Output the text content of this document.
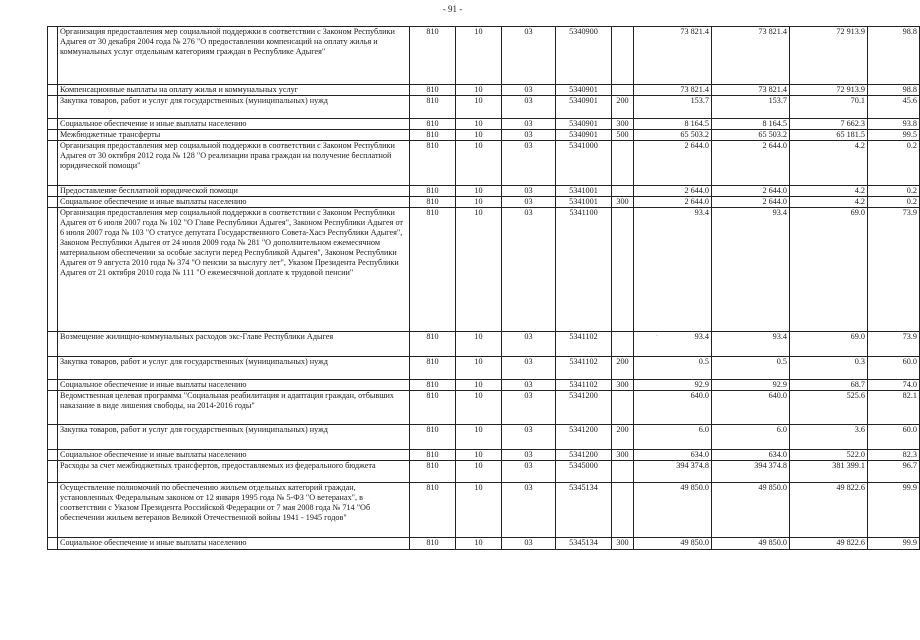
- 91 -
	Организация предоставления мер социальной поддержки в соответствии с Законом Республики Адыгея от 30 декабря 2004 года № 276 "О предоставлении компенсаций на оплату жилья и коммунальных услуг отдельным категориям граждан в Республике Адыгея"	810	10	03	5340900		73 821.4	73 821.4	72 913.9	98.8
	Компенсационные выплаты на оплату жилья и коммунальных услуг	810	10	03	5340901		73 821.4	73 821.4	72 913.9	98.8
	Закупка товаров, работ и услуг для государственных (муниципальных) нужд	810	10	03	5340901	200	153.7	153.7	70.1	45.6
	Социальное обеспечение и иные выплаты населению	810	10	03	5340901	300	8 164.5	8 164.5	7 662.3	93.8
	Межбюджетные трансферты	810	10	03	5340901	500	65 503.2	65 503.2	65 181.5	99.5
	Организация предоставления мер социальной поддержки в соответствии с Законом Республики Адыгея от 30 октября 2012 года № 128 "О реализации права граждан на получение бесплатной юридической помощи"	810	10	03	5341000		2 644.0	2 644.0	4.2	0.2
	Предоставление бесплатной юридической помощи	810	10	03	5341001		2 644.0	2 644.0	4.2	0.2
	Социальное обеспечение и иные выплаты населению	810	10	03	5341001	300	2 644.0	2 644.0	4.2	0.2
	Организация предоставления мер социальной поддержки в соответствии с Законом Республики Адыгея от 6 июля 2007 года № 102 "О Главе Республики Адыгея", Законом Республики Адыгея от 6 июля 2007 года № 103 "О статусе депутата Государственного Совета-Хасэ Республики Адыгея", Законом Республики Адыгея от 24 июля 2009 года № 281 "О дополнительном ежемесячном материальном обеспечении за особые заслуги перед Республикой Адыгея", Законом Республики Адыгея от 9 августа 2010 года № 374 "О пенсии за выслугу лет", Указом Президента Республики Адыгея от 21 октября 2010 года № 111 "О ежемесячной доплате к трудовой пенсии"	810	10	03	5341100		93.4	93.4	69.0	73.9
	Возмещение жилищно-коммунальных расходов экс-Главе Республики Адыгея	810	10	03	5341102		93.4	93.4	69.0	73.9
	Закупка товаров, работ и услуг для государственных (муниципальных) нужд	810	10	03	5341102	200	0.5	0.5	0.3	60.0
	Социальное обеспечение и иные выплаты населению	810	10	03	5341102	300	92.9	92.9	68.7	74.0
	Ведомственная целевая программа "Социальная реабилитация и адаптация граждан, отбывших наказание в виде лишения свободы, на 2014-2016 годы"	810	10	03	5341200		640.0	640.0	525.6	82.1
	Закупка товаров, работ и услуг для государственных (муниципальных) нужд	810	10	03	5341200	200	6.0	6.0	3.6	60.0
	Социальное обеспечение и иные выплаты населению	810	10	03	5341200	300	634.0	634.0	522.0	82.3
	Расходы за счет межбюджетных трансфертов, предоставляемых из федерального бюджета	810	10	03	5345000		394 374.8	394 374.8	381 399.1	96.7
	Осуществление полномочий по обеспечению жильем отдельных категорий граждан, установленных Федеральным законом от 12 января 1995 года № 5-ФЗ "О ветеранах", в соответствии с Указом Президента Российской Федерации от 7 мая 2008 года № 714 "Об обеспечении жильем ветеранов Великой Отечественной войны 1941 - 1945 годов"	810	10	03	5345134		49 850.0	49 850.0	49 822.6	99.9
	Социальное обеспечение и иные выплаты населению	810	10	03	5345134	300	49 850.0	49 850.0	49 822.6	99.9
·
